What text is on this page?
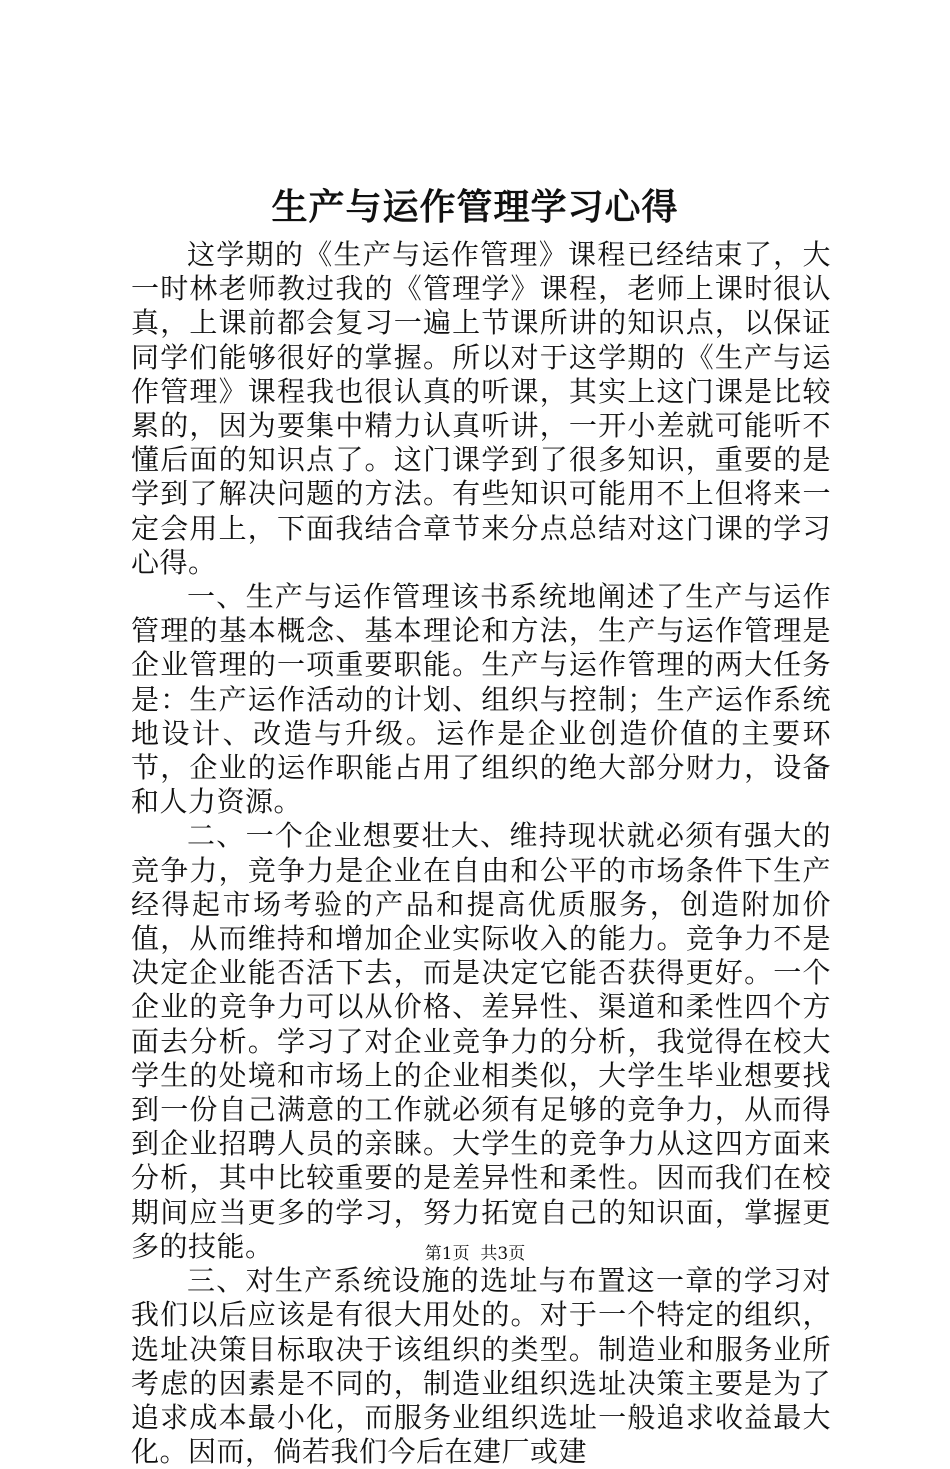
生产与运作管理学习心得

这学期的《生产与运作管理》课程已经结束了，大一时林老师教过我的《管理学》课程，老师上课时很认真，上课前都会复习一遍上节课所讲的知识点，以保证同学们能够很好的掌握。所以对于这学期的《生产与运作管理》课程我也很认真的听课，其实上这门课是比较累的，因为要集中精力认真听讲，一开小差就可能听不懂后面的知识点了。这门课学到了很多知识，重要的是学到了解决问题的方法。有些知识可能用不上但将来一定会用上，下面我结合章节来分点总结对这门课的学习心得。

一、生产与运作管理该书系统地阐述了生产与运作管理的基本概念、基本理论和方法，生产与运作管理是企业管理的一项重要职能。生产与运作管理的两大任务是：生产运作活动的计划、组织与控制；生产运作系统地设计、改造与升级。运作是企业创造价值的主要环节，企业的运作职能占用了组织的绝大部分财力，设备和人力资源。

二、一个企业想要壮大、维持现状就必须有强大的竞争力，竞争力是企业在自由和公平的市场条件下生产经得起市场考验的产品和提高优质服务，创造附加价值，从而维持和增加企业实际收入的能力。竞争力不是决定企业能否活下去，而是决定它能否获得更好。一个企业的竞争力可以从价格、差异性、渠道和柔性四个方面去分析。学习了对企业竞争力的分析，我觉得在校大学生的处境和市场上的企业相类似，大学生毕业想要找到一份自己满意的工作就必须有足够的竞争力，从而得到企业招聘人员的亲睐。大学生的竞争力从这四方面来分析，其中比较重要的是差异性和柔性。因而我们在校期间应当更多的学习，努力拓宽自己的知识面，掌握更多的技能。

三、对生产系统设施的选址与布置这一章的学习对我们以后应该是有很大用处的。对于一个特定的组织，选址决策目标取决于该组织的类型。制造业和服务业所考虑的因素是不同的，制造业组织选址决策主要是为了追求成本最小化，而服务业组织选址一般追求收益最大化。因而，倘若我们今后在建厂或建

第1页  共3页
